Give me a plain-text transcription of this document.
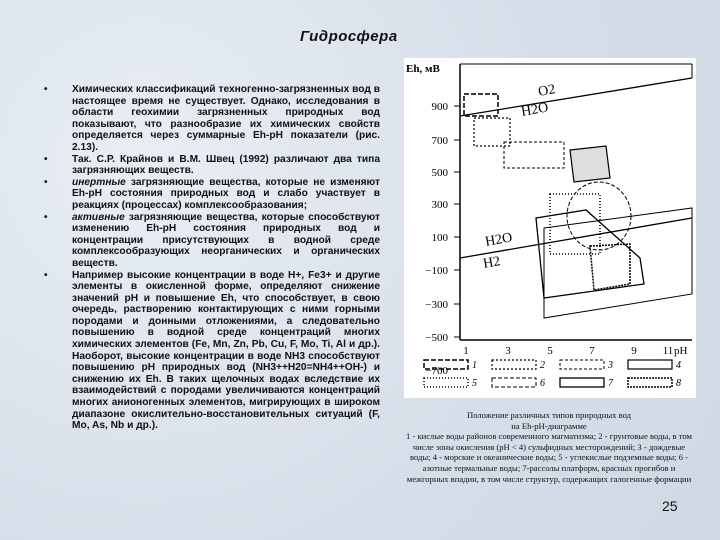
Гидросфера
• Химических классификаций техногенно-загрязненных вод в настоящее время не существует. Однако, исследования в области геохимии загрязненных природных вод показывают, что разнообразие их химических свойств определяется через суммарные Eh-pH показатели (рис. 2.13).
• Так. С.Р. Крайнов и В.М. Швец (1992) различают два типа загрязняющих веществ.
• инертные загрязняющие вещества, которые не изменяют Eh-pH состояния природных вод и слабо участвует в реакциях (процессах) комплексообразования;
• активные загрязняющие вещества, которые способствуют изменению Eh-pH состояния природных вод и концентрации присутствующих в водной среде комплексообразующих неорганических и органических веществ.
• Например высокие концентрации в воде H+, Fe3+ и другие элементы в окисленной форме, определяют снижение значений pH и повышение Eh, что способствует, в свою очередь, растворению контактирующих с ними горными породами и донными отложениями, а следовательно повышению в водной среде концентраций многих химических элементов (Fe, Mn, Zn, Pb, Cu, F, Mo, Ti, Al и др.). Наоборот, высокие концентрации в воде NH3 способствуют повышению pH природных вод (NH3++H20=NH4++OH-) и снижению их Eh. В таких щелочных водах вследствие их взаимодействий с породами увеличиваются концентраций многих анионогенных элементов, мигрирующих в широком диапазоне окислительно-восстановительных ситуаций (F, Mo, As, Nb и др.).
Eh, мВ
900
700
500
300
100
−100
−300
−500
−700
O2
H2O
H2O
H2
1	3	5	7	9 11 pH
1	2	3	4
5	6	7	8
Положение различных типов природных вод
на Eh-pH-диаграмме
1 - кислые воды районов современного магматизма; 2 - грунтовые воды, в том числе зоны окисления (pH < 4) сульфидных месторождений; 3 - дождевые воды; 4 - морские и океанические воды; 5 - углекислые подземные воды; 6 - азотные термальные воды; 7-рассолы платформ, красных прогибов и межгорных впадин, в том числе структур, содержащих галогенные формации
25
